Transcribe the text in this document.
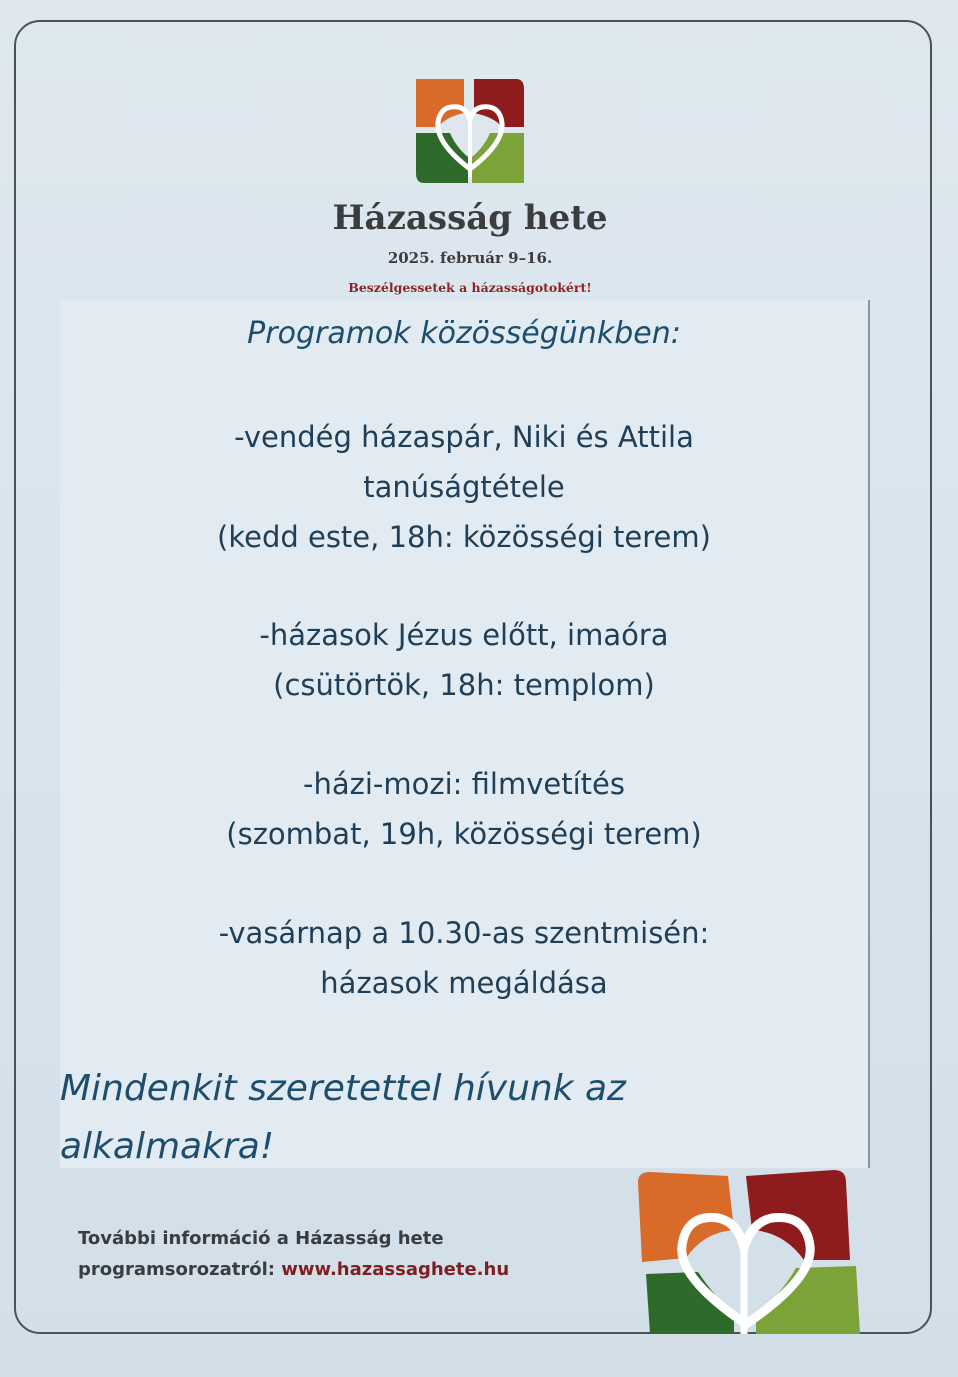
Házasság hete
2025. február 9–16.
Beszélgessetek a házasságotokért!
Programok közösségünkben:
-vendég házaspár, Niki és Attila
tanúságtétele
(kedd este, 18h: közösségi terem)
-házasok Jézus előtt, imaóra
(csütörtök, 18h: templom)
-házi-mozi: filmvetítés
(szombat, 19h, közösségi terem)
-vasárnap a 10.30-as szentmisén:
házasok megáldása
Mindenkit szeretettel hívunk az
alkalmakra!
További információ a Házasság hete
programsorozatról: www.hazassaghete.hu
